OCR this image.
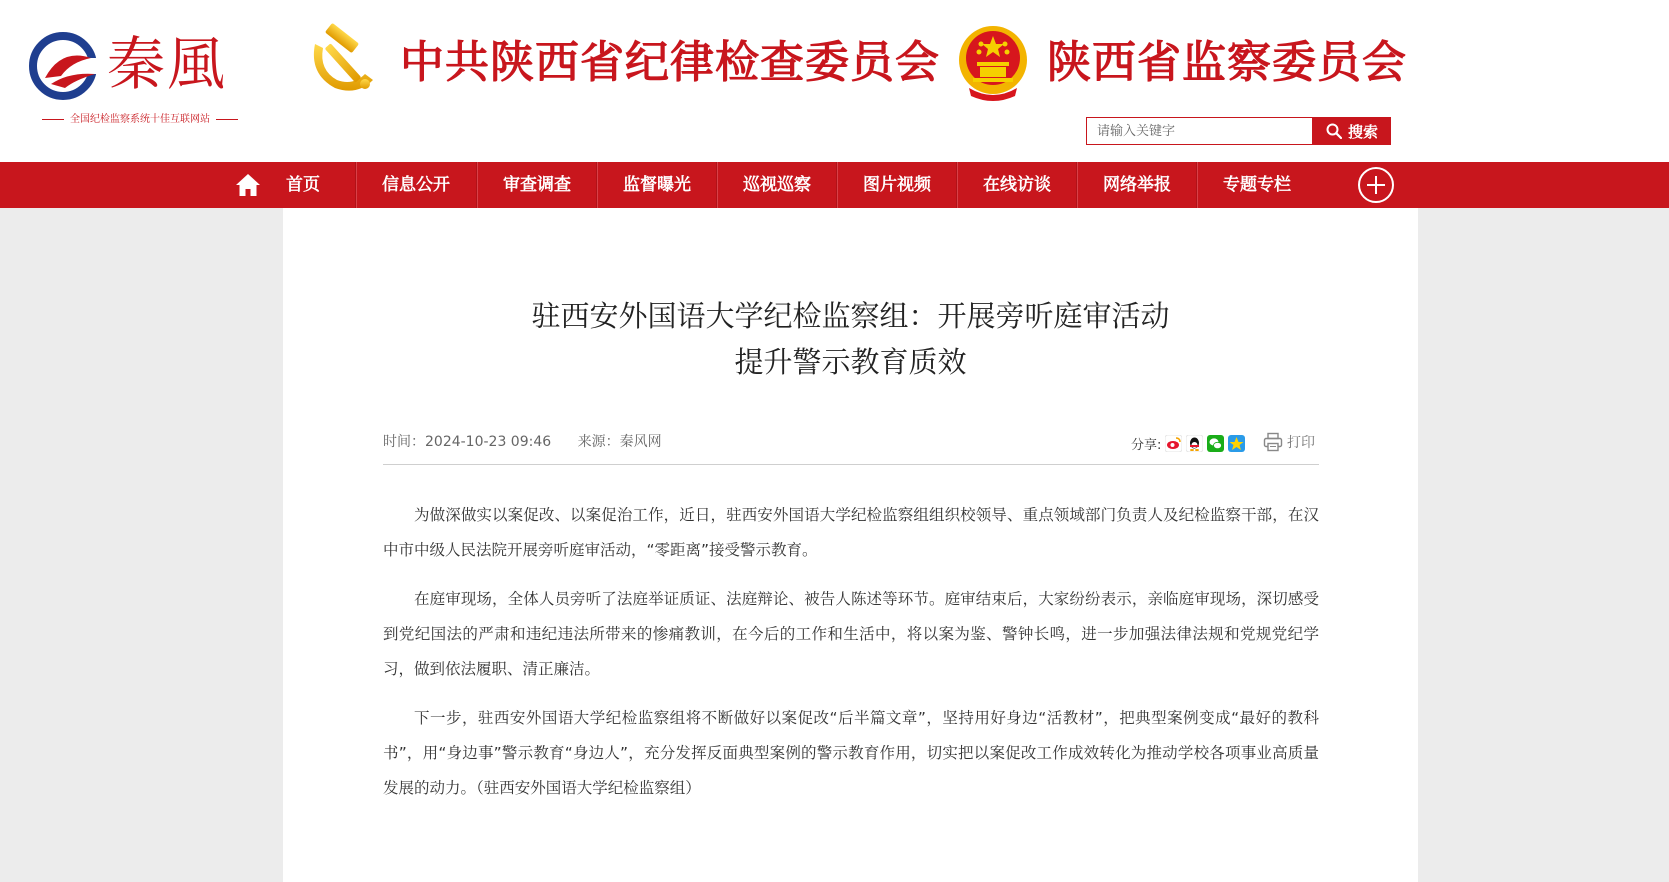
秦風
全国纪检监察系统十佳互联网站
中共陕西省纪律检查委员会 陕西省监察委员会
请输入关键字
搜索
首页	信息公开	审查调查	监督曝光	巡视巡察	图片视频	在线访谈	网络举报	专题专栏
驻西安外国语大学纪检监察组：开展旁听庭审活动
提升警示教育质效
时间：2024-10-23 09:46 来源：秦风网	分享:	打印

为做深做实以案促改、以案促治工作，近日，驻西安外国语大学纪检监察组组织校领导、重点领域部门负责人及纪检监察干部，在汉中市中级人民法院开展旁听庭审活动，“零距离”接受警示教育。

在庭审现场，全体人员旁听了法庭举证质证、法庭辩论、被告人陈述等环节。庭审结束后，大家纷纷表示，亲临庭审现场，深切感受到党纪国法的严肃和违纪违法所带来的惨痛教训，在今后的工作和生活中，将以案为鉴、警钟长鸣，进一步加强法律法规和党规党纪学习，做到依法履职、清正廉洁。

下一步，驻西安外国语大学纪检监察组将不断做好以案促改“后半篇文章”，坚持用好身边“活教材”，把典型案例变成“最好的教科书”，用“身边事”警示教育“身边人”，充分发挥反面典型案例的警示教育作用，切实把以案促改工作成效转化为推动学校各项事业高质量发展的动力。（驻西安外国语大学纪检监察组）
